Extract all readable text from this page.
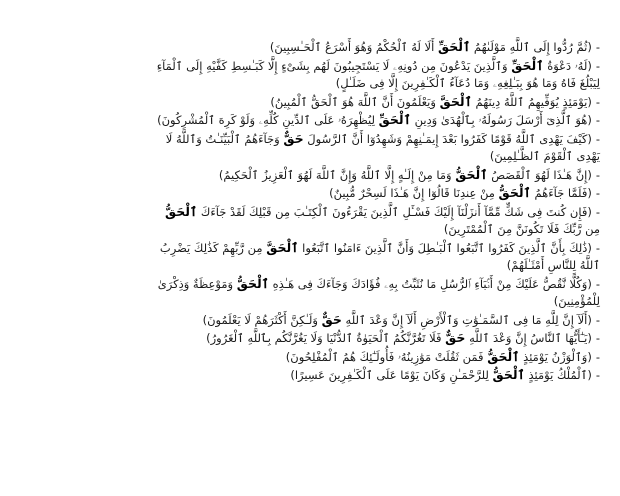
-(ثُمَّ رُدُّوا إِلَى ٱللَّهِ مَوْلَىٰهُمُ ٱلْحَقِّ أَلَا لَهُ ٱلْحُكْمُ وَهُوَ أَسْرَعُ ٱلْحَـٰسِبِينَ)
-(لَهُۥ دَعْوَةُ ٱلْحَقِّ وَٱلَّذِينَ يَدْعُونَ مِن دُونِهِۦ لَا يَسْتَجِيبُونَ لَهُم بِشَىْءٍ إِلَّا كَبَـٰسِطِ كَفَّيْهِ إِلَى ٱلْمَآءِ لِيَبْلُغَ فَاهُ وَمَا هُوَ بِبَـٰلِغِهِۦ وَمَا دُعَآءُ ٱلْكَـٰفِرِينَ إِلَّا فِى ضَلَـٰلٍ)
-(يَوْمَئِذٍ يُوَفِّيهِمُ ٱللَّهُ دِينَهُمُ ٱلْحَقَّ وَيَعْلَمُونَ أَنَّ ٱللَّهَ هُوَ ٱلْحَقُّ ٱلْمُبِينُ)
-(هُوَ ٱلَّذِىٓ أَرْسَلَ رَسُولَهُۥ بِٱلْهُدَىٰ وَدِينِ ٱلْحَقِّ لِيُظْهِرَهُۥ عَلَى ٱلدِّينِ كُلِّهِۦ وَلَوْ كَرِهَ ٱلْمُشْرِكُونَ)
-(كَيْفَ يَهْدِى ٱللَّهُ قَوْمًا كَفَرُوا بَعْدَ إِيمَـٰنِهِمْ وَشَهِدُوٓا أَنَّ ٱلرَّسُولَ حَقٌّ وَجَآءَهُمُ ٱلْبَيِّنَـٰتُ وَٱللَّهُ لَا يَهْدِى ٱلْقَوْمَ ٱلظَّـٰلِمِينَ)
-(إِنَّ هَـٰذَا لَهُوَ ٱلْقَصَصُ ٱلْحَقُّ وَمَا مِنْ إِلَـٰهٍ إِلَّا ٱللَّهُ وَإِنَّ ٱللَّهَ لَهُوَ ٱلْعَزِيزُ ٱلْحَكِيمُ)
-(فَلَمَّا جَآءَهُمُ ٱلْحَقُّ مِنْ عِندِنَا قَالُوٓا إِنَّ هَـٰذَا لَسِحْرٌ مُّبِينٌ)
-(فَإِن كُنتَ فِى شَكٍّ مِّمَّآ أَنزَلْنَآ إِلَيْكَ فَسْـَٔلِ ٱلَّذِينَ يَقْرَءُونَ ٱلْكِتَـٰبَ مِن قَبْلِكَ لَقَدْ جَآءَكَ ٱلْحَقُّ مِن رَّبِّكَ فَلَا تَكُونَنَّ مِنَ ٱلْمُمْتَرِينَ)
-(ذَٰلِكَ بِأَنَّ ٱلَّذِينَ كَفَرُوا ٱتَّبَعُوا ٱلْبَـٰطِلَ وَأَنَّ ٱلَّذِينَ ءَامَنُوا ٱتَّبَعُوا ٱلْحَقَّ مِن رَّبِّهِمْ كَذَٰلِكَ يَضْرِبُ ٱللَّهُ لِلنَّاسِ أَمْثَـٰلَهُمْ)
-(وَكُلًّا نَّقُصُّ عَلَيْكَ مِنْ أَنۢبَآءِ ٱلرُّسُلِ مَا نُثَبِّتُ بِهِۦ فُؤَادَكَ وَجَآءَكَ فِى هَـٰذِهِ ٱلْحَقُّ وَمَوْعِظَةٌ وَذِكْرَىٰ لِلْمُؤْمِنِينَ)
-(أَلَآ إِنَّ لِلَّهِ مَا فِى ٱلسَّمَـٰوَٰتِ وَٱلْأَرْضِ أَلَآ إِنَّ وَعْدَ ٱللَّهِ حَقٌّ وَلَـٰكِنَّ أَكْثَرَهُمْ لَا يَعْلَمُونَ)
-(يَـٰٓأَيُّهَا ٱلنَّاسُ إِنَّ وَعْدَ ٱللَّهِ حَقٌّ فَلَا تَغُرَّنَّكُمُ ٱلْحَيَوٰةُ ٱلدُّنْيَا وَلَا يَغُرَّنَّكُم بِٱللَّهِ ٱلْغَرُورُ)
-(وَٱلْوَزْنُ يَوْمَئِذٍ ٱلْحَقُّ فَمَن ثَقُلَتْ مَوَٰزِينُهُۥ فَأُولَـٰٓئِكَ هُمُ ٱلْمُفْلِحُونَ)
-(ٱلْمُلْكُ يَوْمَئِذٍ ٱلْحَقُّ لِلرَّحْمَـٰنِ وَكَانَ يَوْمًا عَلَى ٱلْكَـٰفِرِينَ عَسِيرًا)
